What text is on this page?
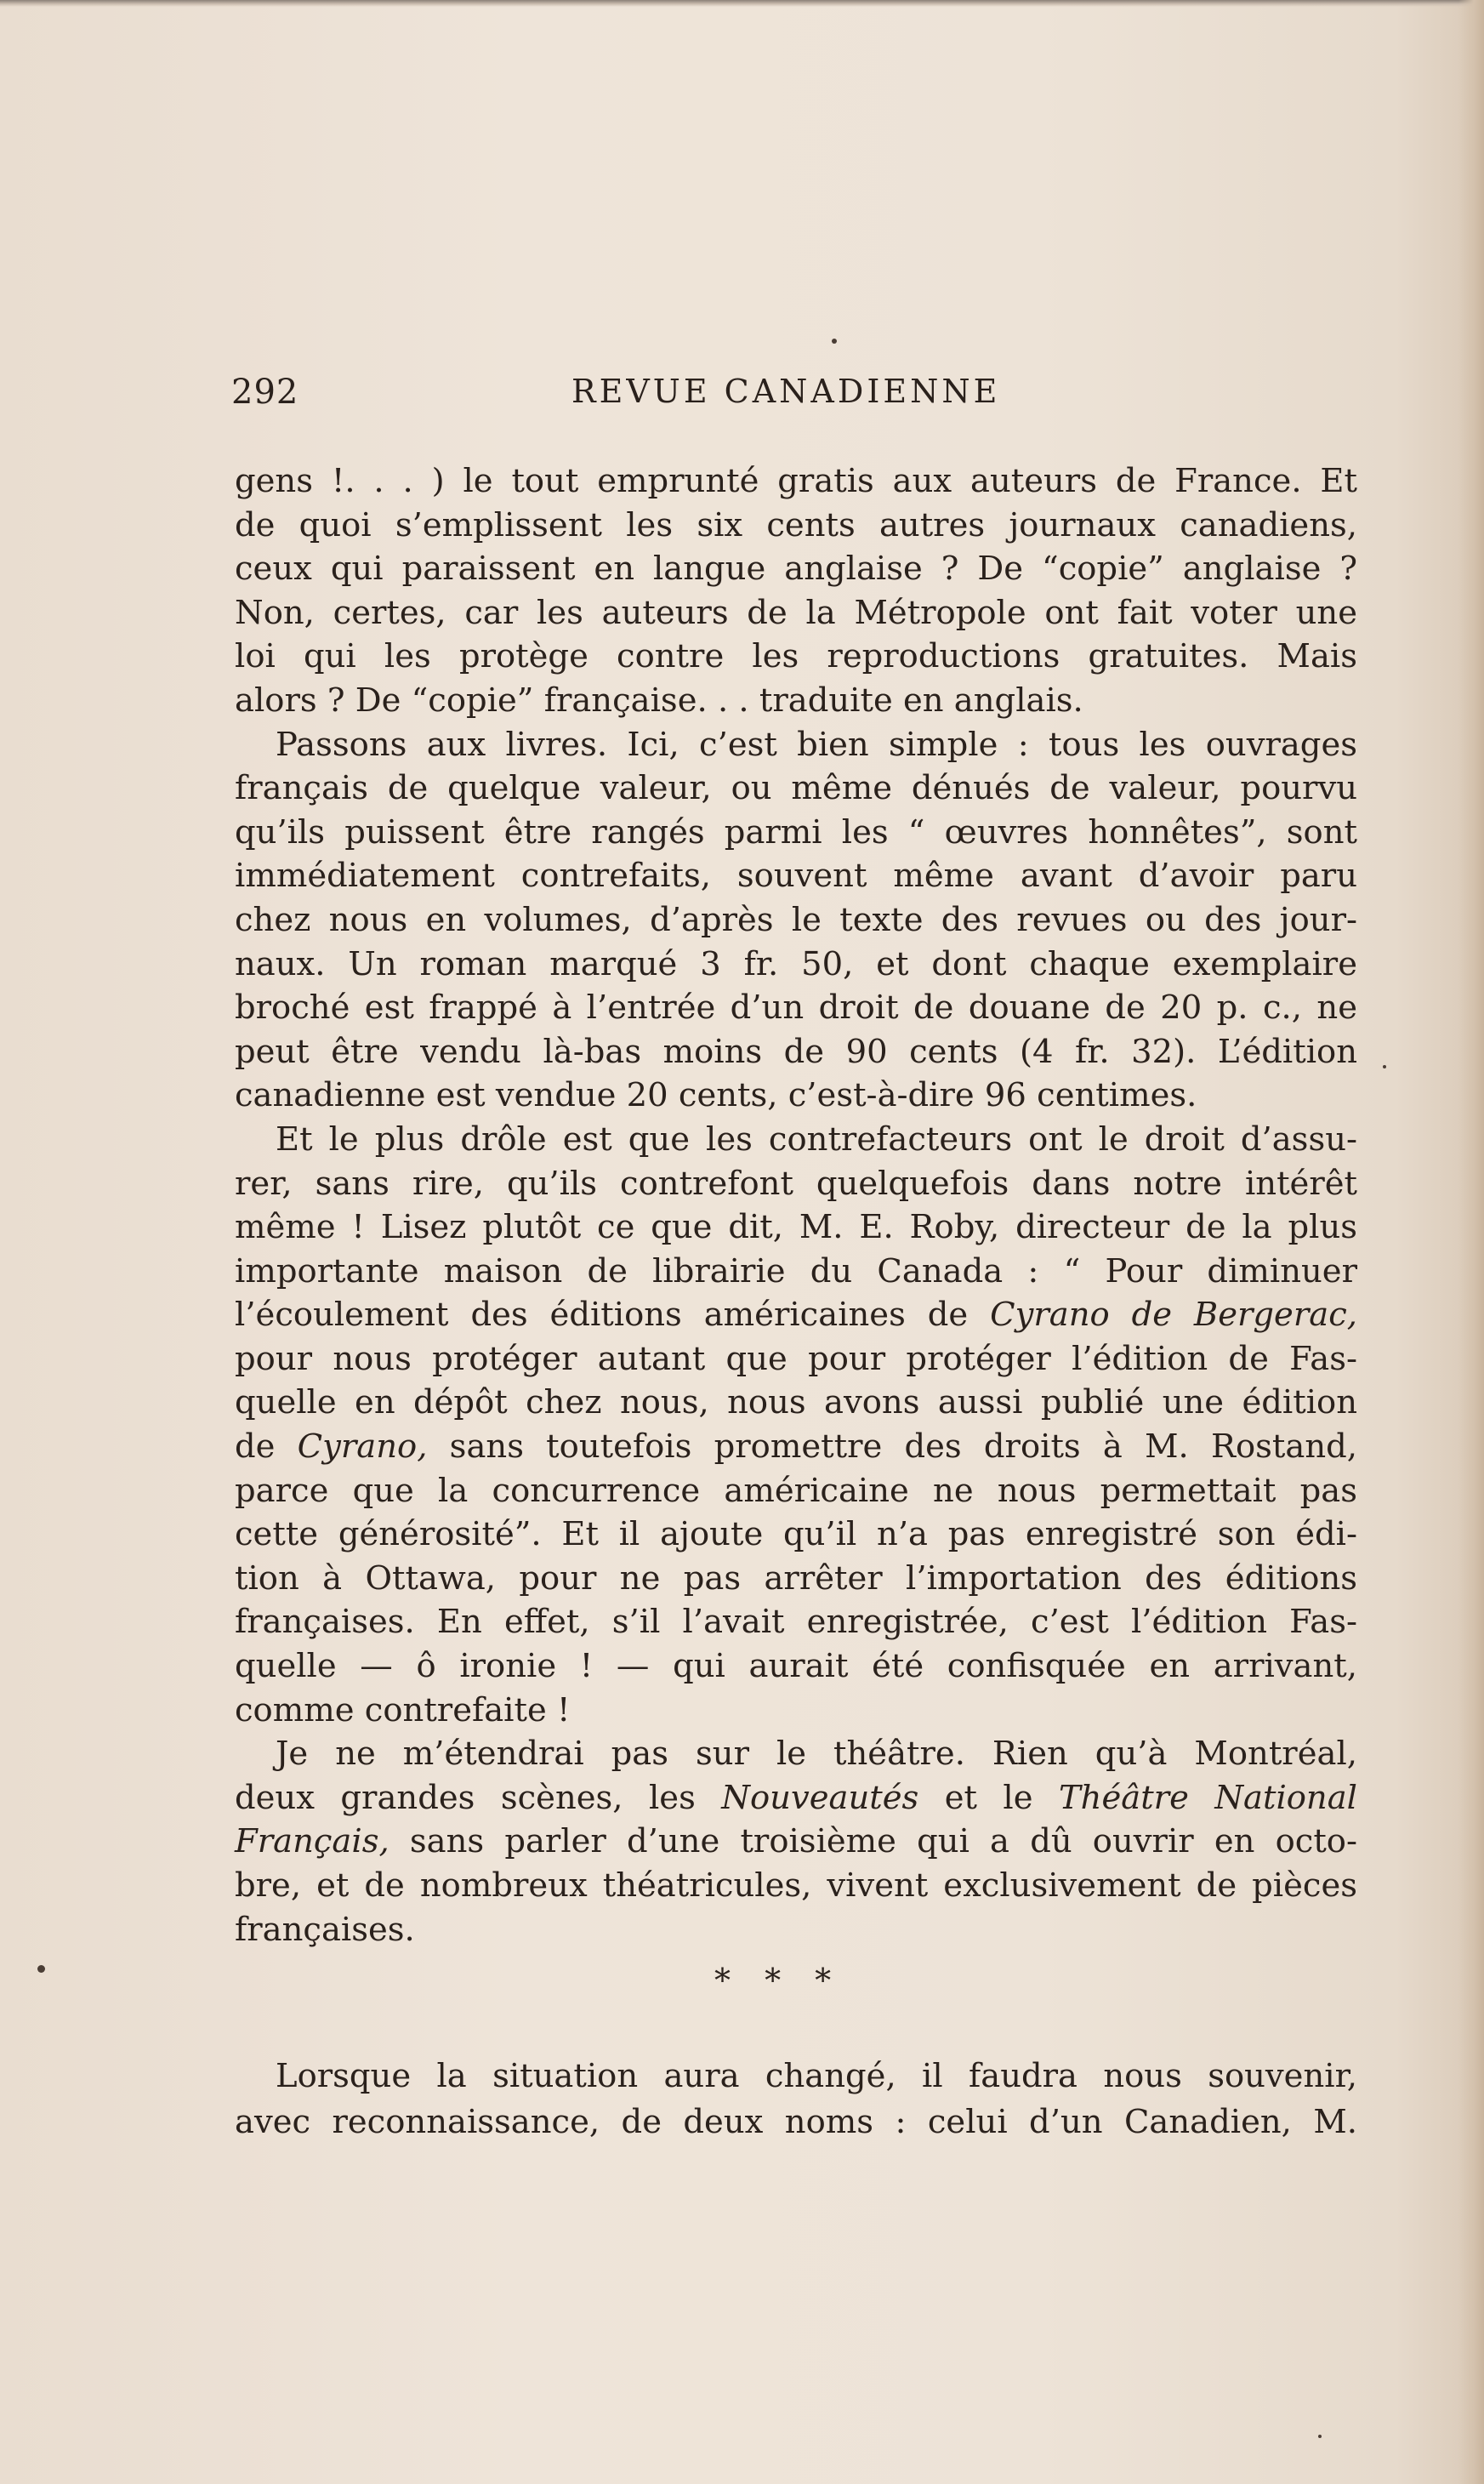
292	REVUE CANADIENNE
gens !. . . ) le tout emprunté gratis aux auteurs de France. Et
de quoi s’emplissent les six cents autres journaux canadiens,
ceux qui paraissent en langue anglaise ? De “copie” anglaise ?
Non, certes, car les auteurs de la Métropole ont fait voter une
loi qui les protège contre les reproductions gratuites. Mais
alors ? De “copie” française. . . traduite en anglais.
Passons aux livres. Ici, c’est bien simple : tous les ouvrages
français de quelque valeur, ou même dénués de valeur, pourvu
qu’ils puissent être rangés parmi les “ œuvres honnêtes”, sont
immédiatement contrefaits, souvent même avant d’avoir paru
chez nous en volumes, d’après le texte des revues ou des jour-
naux. Un roman marqué 3 fr. 50, et dont chaque exemplaire
broché est frappé à l’entrée d’un droit de douane de 20 p. c., ne
peut être vendu là-bas moins de 90 cents (4 fr. 32). L’édition
canadienne est vendue 20 cents, c’est-à-dire 96 centimes.
Et le plus drôle est que les contrefacteurs ont le droit d’assu-
rer, sans rire, qu’ils contrefont quelquefois dans notre intérêt
même ! Lisez plutôt ce que dit, M. E. Roby, directeur de la plus
importante maison de librairie du Canada : “ Pour diminuer
l’écoulement des éditions américaines de Cyrano de Bergerac,
pour nous protéger autant que pour protéger l’édition de Fas-
quelle en dépôt chez nous, nous avons aussi publié une édition
de Cyrano, sans toutefois promettre des droits à M. Rostand,
parce que la concurrence américaine ne nous permettait pas
cette générosité”. Et il ajoute qu’il n’a pas enregistré son édi-
tion à Ottawa, pour ne pas arrêter l’importation des éditions
françaises. En effet, s’il l’avait enregistrée, c’est l’édition Fas-
quelle — ô ironie ! — qui aurait été confisquée en arrivant,
comme contrefaite !
Je ne m’étendrai pas sur le théâtre. Rien qu’à Montréal,
deux grandes scènes, les Nouveautés et le Théâtre National
Français, sans parler d’une troisième qui a dû ouvrir en octo-
bre, et de nombreux théatricules, vivent exclusivement de pièces
françaises.
* * *
Lorsque la situation aura changé, il faudra nous souvenir,
avec reconnaissance, de deux noms : celui d’un Canadien, M.
